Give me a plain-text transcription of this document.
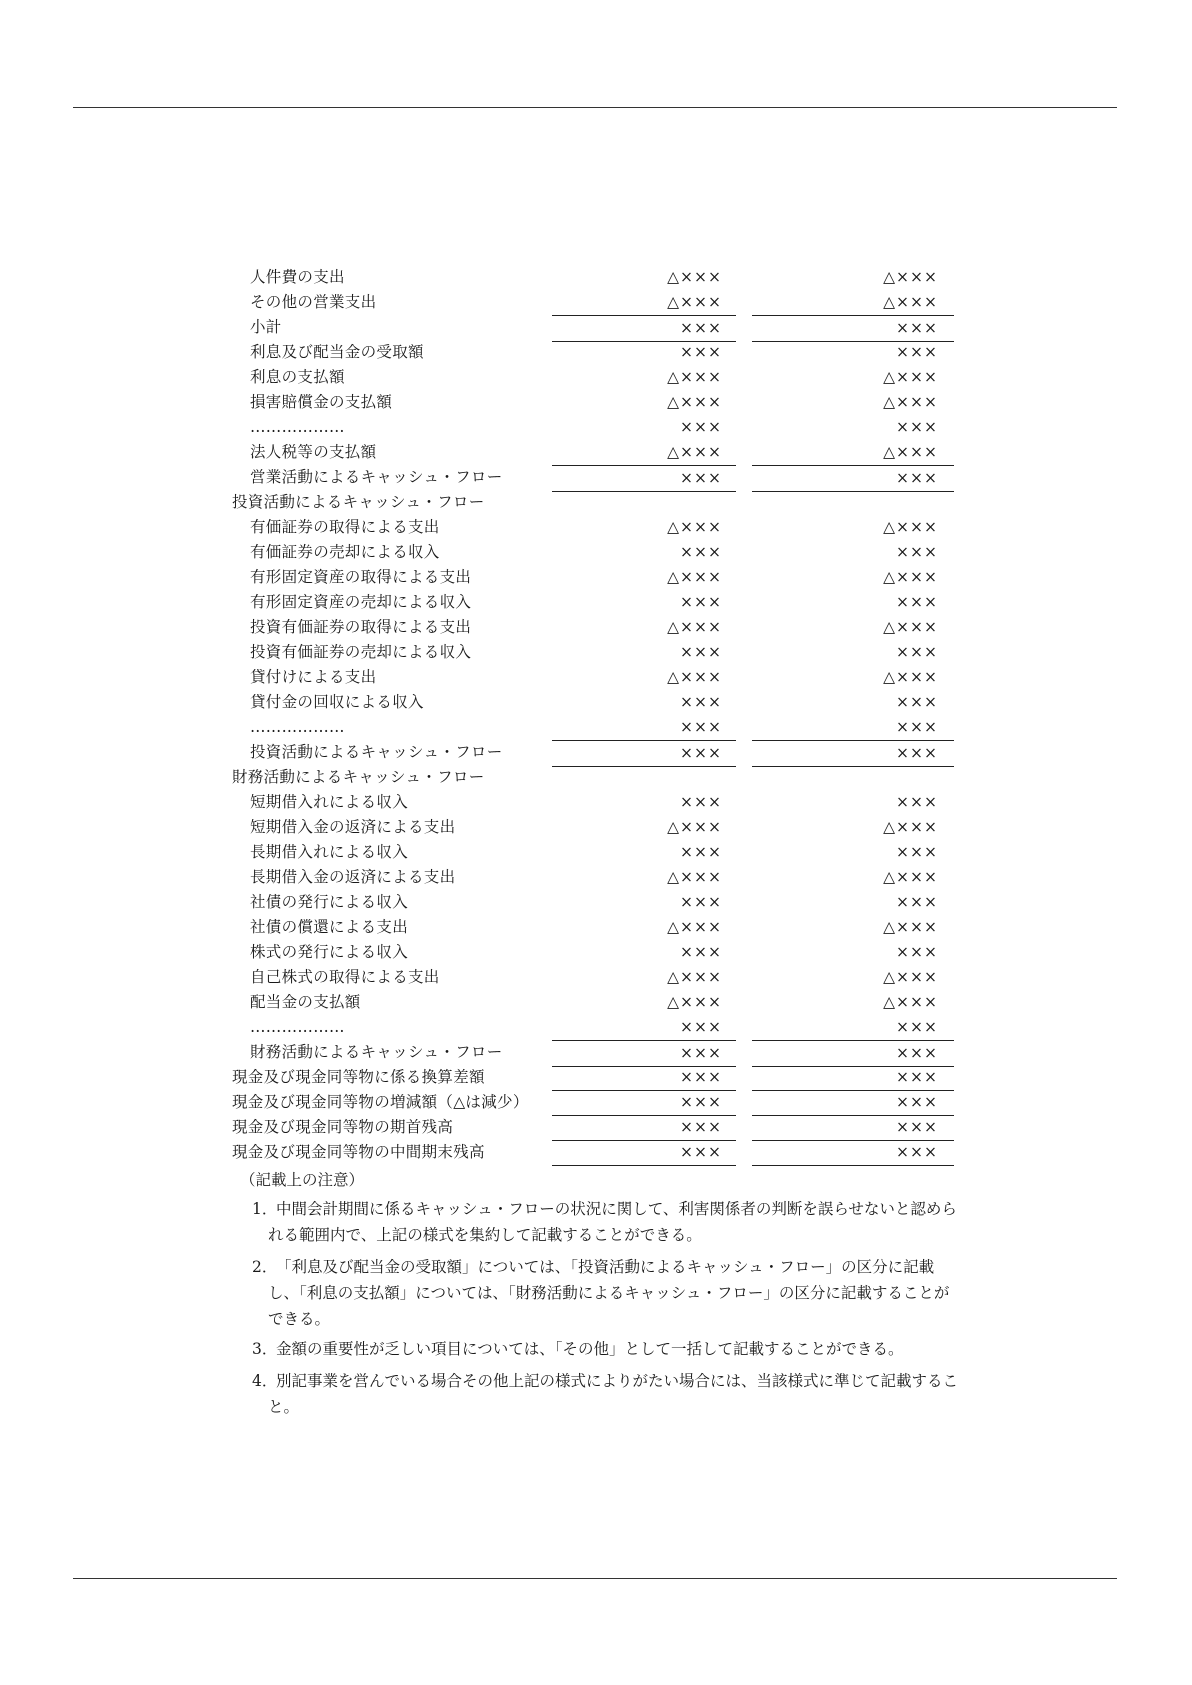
人件費の支出	△×××	△×××
その他の営業支出	△×××	△×××
小計	×××	×××
利息及び配当金の受取額	×××	×××
利息の支払額	△×××	△×××
損害賠償金の支払額	△×××	△×××
………………	×××	×××
法人税等の支払額	△×××	△×××
営業活動によるキャッシュ・フロー	×××	×××
投資活動によるキャッシュ・フロー
有価証券の取得による支出	△×××	△×××
有価証券の売却による収入	×××	×××
有形固定資産の取得による支出	△×××	△×××
有形固定資産の売却による収入	×××	×××
投資有価証券の取得による支出	△×××	△×××
投資有価証券の売却による収入	×××	×××
貸付けによる支出	△×××	△×××
貸付金の回収による収入	×××	×××
………………	×××	×××
投資活動によるキャッシュ・フロー	×××	×××
財務活動によるキャッシュ・フロー
短期借入れによる収入	×××	×××
短期借入金の返済による支出	△×××	△×××
長期借入れによる収入	×××	×××
長期借入金の返済による支出	△×××	△×××
社債の発行による収入	×××	×××
社債の償還による支出	△×××	△×××
株式の発行による収入	×××	×××
自己株式の取得による支出	△×××	△×××
配当金の支払額	△×××	△×××
………………	×××	×××
財務活動によるキャッシュ・フロー	×××	×××
現金及び現金同等物に係る換算差額	×××	×××
現金及び現金同等物の増減額（△は減少）	×××	×××
現金及び現金同等物の期首残高	×××	×××
現金及び現金同等物の中間期末残高	×××	×××
（記載上の注意）
1．
中間会計期間に係るキャッシュ・フローの状況に関して、利害関係者の判断を誤らせないと認められる範囲内で、上記の様式を集約して記載することができる。
2．
「利息及び配当金の受取額」については、「投資活動によるキャッシュ・フロー」の区分に記載し、「利息の支払額」については、「財務活動によるキャッシュ・フロー」の区分に記載することができる。
3．
金額の重要性が乏しい項目については、「その他」として一括して記載することができる。
4．
別記事業を営んでいる場合その他上記の様式によりがたい場合には、当該様式に準じて記載すること。
